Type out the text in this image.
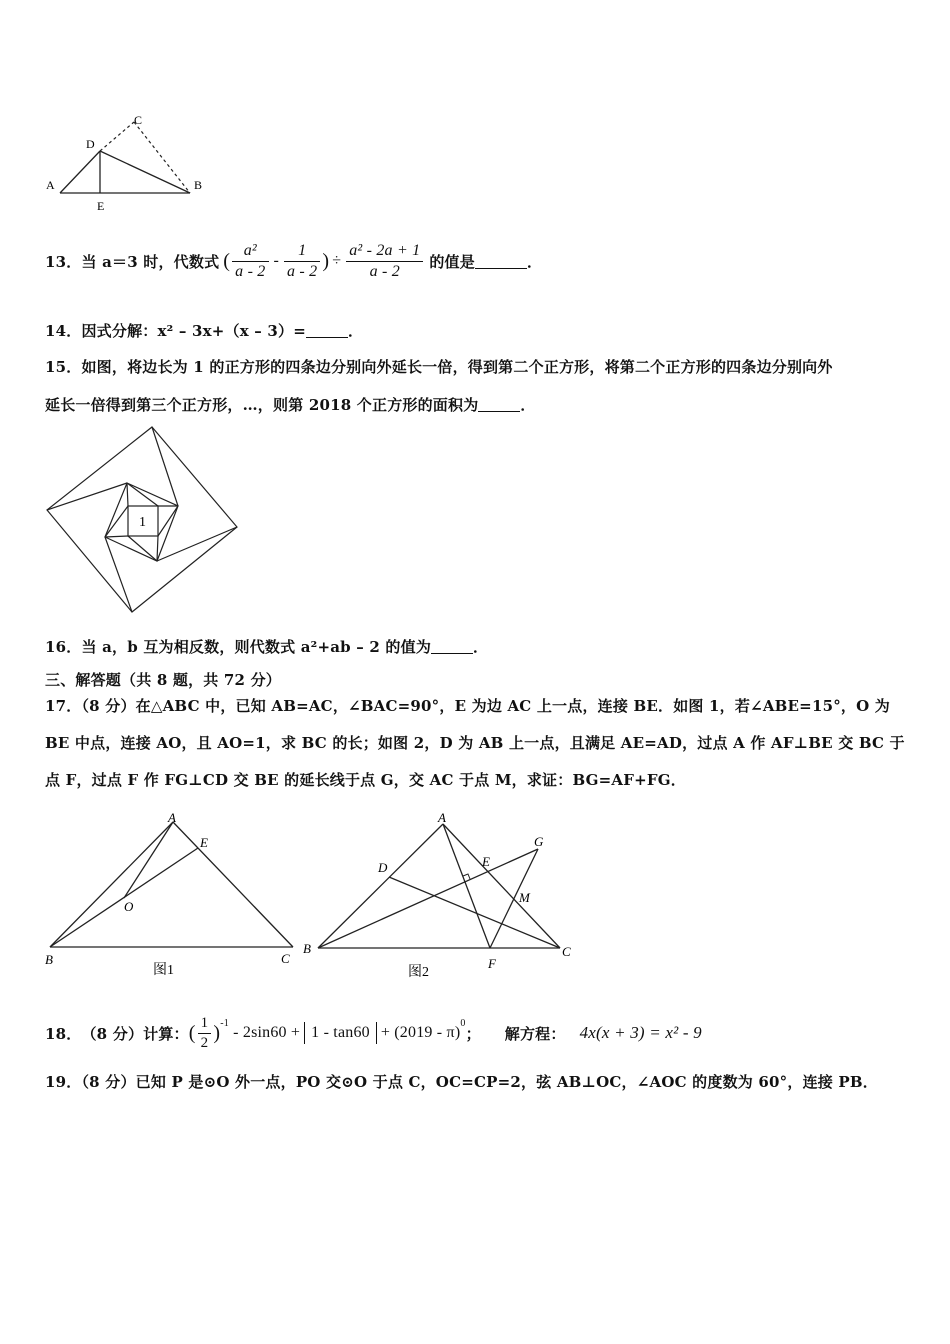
A	B
C
D
E
13． 当 a＝3 时，代数式 ( $\frac{\text{a²}}{a - 2} - \frac{1}{a - 2}$ ) ÷ $\frac{\text{a² - 2a + 1}}{a - 2}$ 的值是	．
14．因式分解：x² – 3x+（x – 3）=	．
15．如图，将边长为 1 的正方形的四条边分别向外延长一倍，得到第二个正方形，将第二个正方形的四条边分别向外
延长一倍得到第三个正方形，…，则第 2018 个正方形的面积为	．
1
16．当 a，b 互为相反数，则代数式 a²+ab – 2 的值为	．
三、解答题（共 8 题，共 72 分）
17．（8 分）在△ABC 中，已知 AB=AC，∠BAC=90°，E 为边 AC 上一点，连接 BE．如图 1，若∠ABE=15°，O 为
BE 中点，连接 AO，且 AO=1，求 BC 的长；如图 2，D 为 AB 上一点，且满足 AE=AD，过点 A 作 AF⊥BE 交 BC 于
点 F，过点 F 作 FG⊥CD 交 BE 的延长线于点 G，交 AC 于点 M，求证：BG=AF+FG．
A
E
O
B	C
图1
A
D	E
G
M
B	C
F
图2
18． （8 分）计算： ( $\frac{1}{2}$ ) -1
- 2sin60 + 1 - tan60 + (2019 - π)
0
； 解方程： 4x(x + 3) = x² - 9
19．（8 分）已知 P 是⊙O 外一点，PO 交⊙O 于点 C，OC=CP=2，弦 AB⊥OC，∠AOC 的度数为 60°，连接 PB．
